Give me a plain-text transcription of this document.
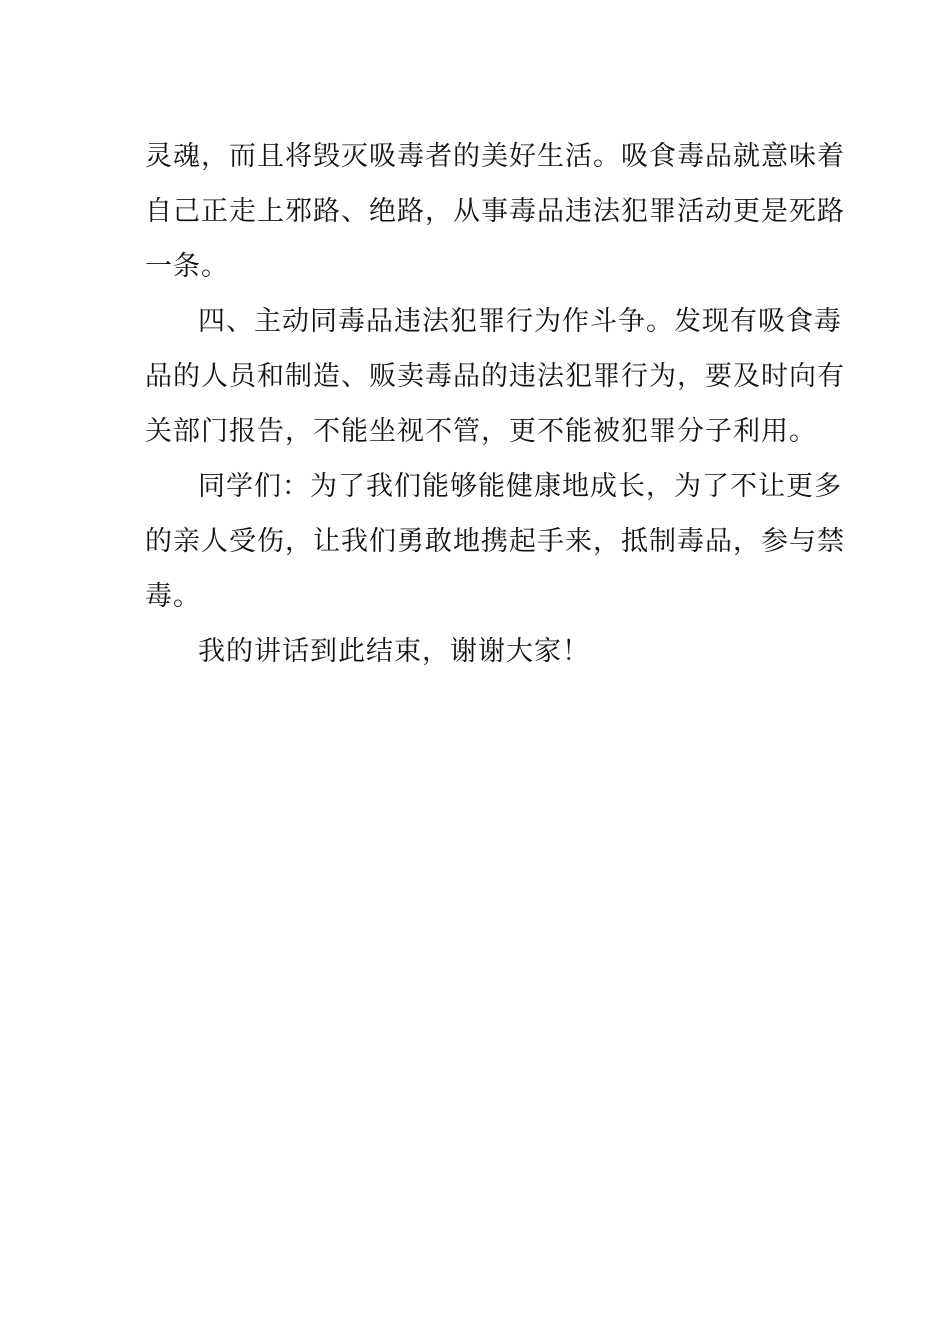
灵魂，而且将毁灭吸毒者的美好生活。吸食毒品就意味着
自己正走上邪路、绝路，从事毒品违法犯罪活动更是死路
一条。
四、主动同毒品违法犯罪行为作斗争。发现有吸食毒
品的人员和制造、贩卖毒品的违法犯罪行为，要及时向有
关部门报告，不能坐视不管，更不能被犯罪分子利用。
同学们：为了我们能够能健康地成长，为了不让更多
的亲人受伤，让我们勇敢地携起手来，抵制毒品，参与禁
毒。
我的讲话到此结束，谢谢大家！
